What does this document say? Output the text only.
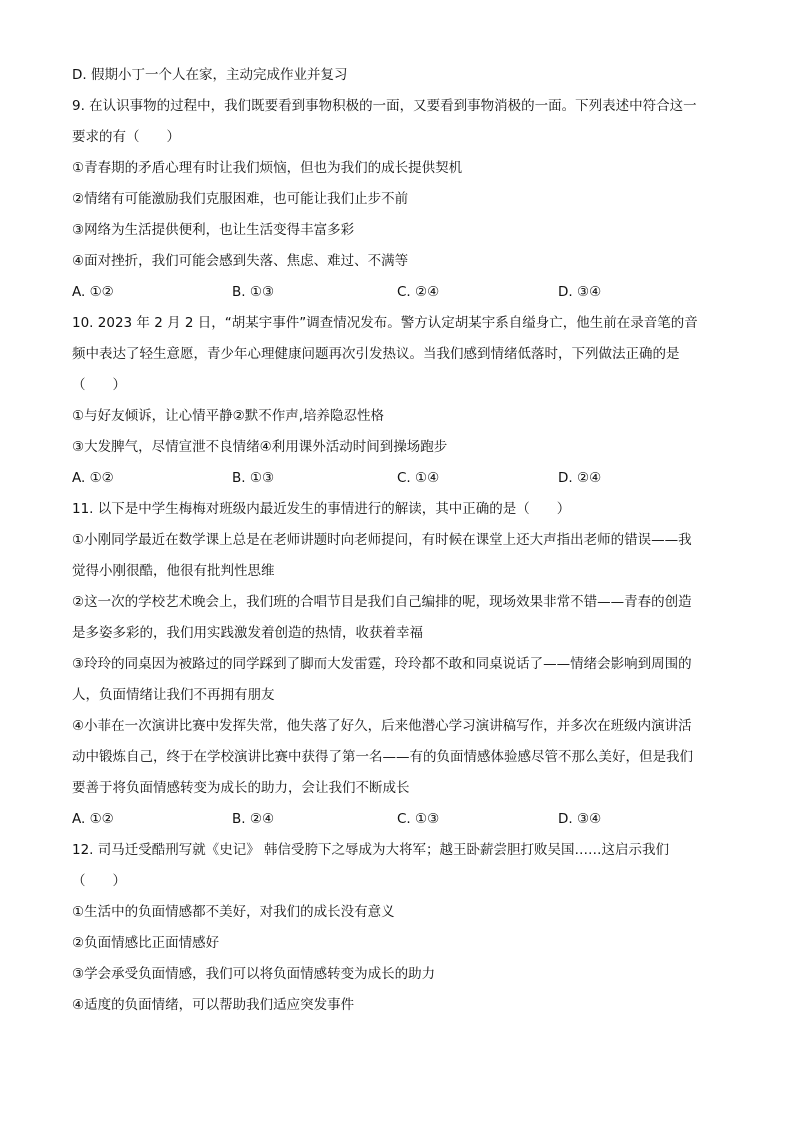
D. 假期小丁一个人在家，主动完成作业并复习
9. 在认识事物的过程中，我们既要看到事物积极的一面，又要看到事物消极的一面。下列表述中符合这一
要求的有（　　）
①青春期的矛盾心理有时让我们烦恼，但也为我们的成长提供契机
②情绪有可能激励我们克服困难，也可能让我们止步不前
③网络为生活提供便利，也让生活变得丰富多彩
④面对挫折，我们可能会感到失落、焦虑、难过、不满等
A. ①②	B. ①③	C. ②④	D. ③④
10. 2023 年 2 月 2 日，“胡某宇事件”调查情况发布。警方认定胡某宇系自缢身亡，他生前在录音笔的音
频中表达了轻生意愿，青少年心理健康问题再次引发热议。当我们感到情绪低落时，下列做法正确的是
（　　）
①与好友倾诉，让心情平静②默不作声,培养隐忍性格
③大发脾气，尽情宣泄不良情绪④利用课外活动时间到操场跑步
A. ①②	B. ①③	C. ①④	D. ②④
11. 以下是中学生梅梅对班级内最近发生的事情进行的解读，其中正确的是（　　）
①小刚同学最近在数学课上总是在老师讲题时向老师提问，有时候在课堂上还大声指出老师的错误——我
觉得小刚很酷，他很有批判性思维
②这一次的学校艺术晚会上，我们班的合唱节目是我们自己编排的呢，现场效果非常不错——青春的创造
是多姿多彩的，我们用实践激发着创造的热情，收获着幸福
③玲玲的同桌因为被路过的同学踩到了脚而大发雷霆，玲玲都不敢和同桌说话了——情绪会影响到周围的
人，负面情绪让我们不再拥有朋友
④小菲在一次演讲比赛中发挥失常，他失落了好久，后来他潜心学习演讲稿写作，并多次在班级内演讲活
动中锻炼自己，终于在学校演讲比赛中获得了第一名——有的负面情感体验感尽管不那么美好，但是我们
要善于将负面情感转变为成长的助力，会让我们不断成长
A. ①②	B. ②④	C. ①③	D. ③④
12. 司马迁受酷刑写就《史记》 韩信受胯下之辱成为大将军；越王卧薪尝胆打败吴国……这启示我们
（　　）
①生活中的负面情感都不美好，对我们的成长没有意义
②负面情感比正面情感好
③学会承受负面情感，我们可以将负面情感转变为成长的助力
④适度的负面情绪，可以帮助我们适应突发事件
